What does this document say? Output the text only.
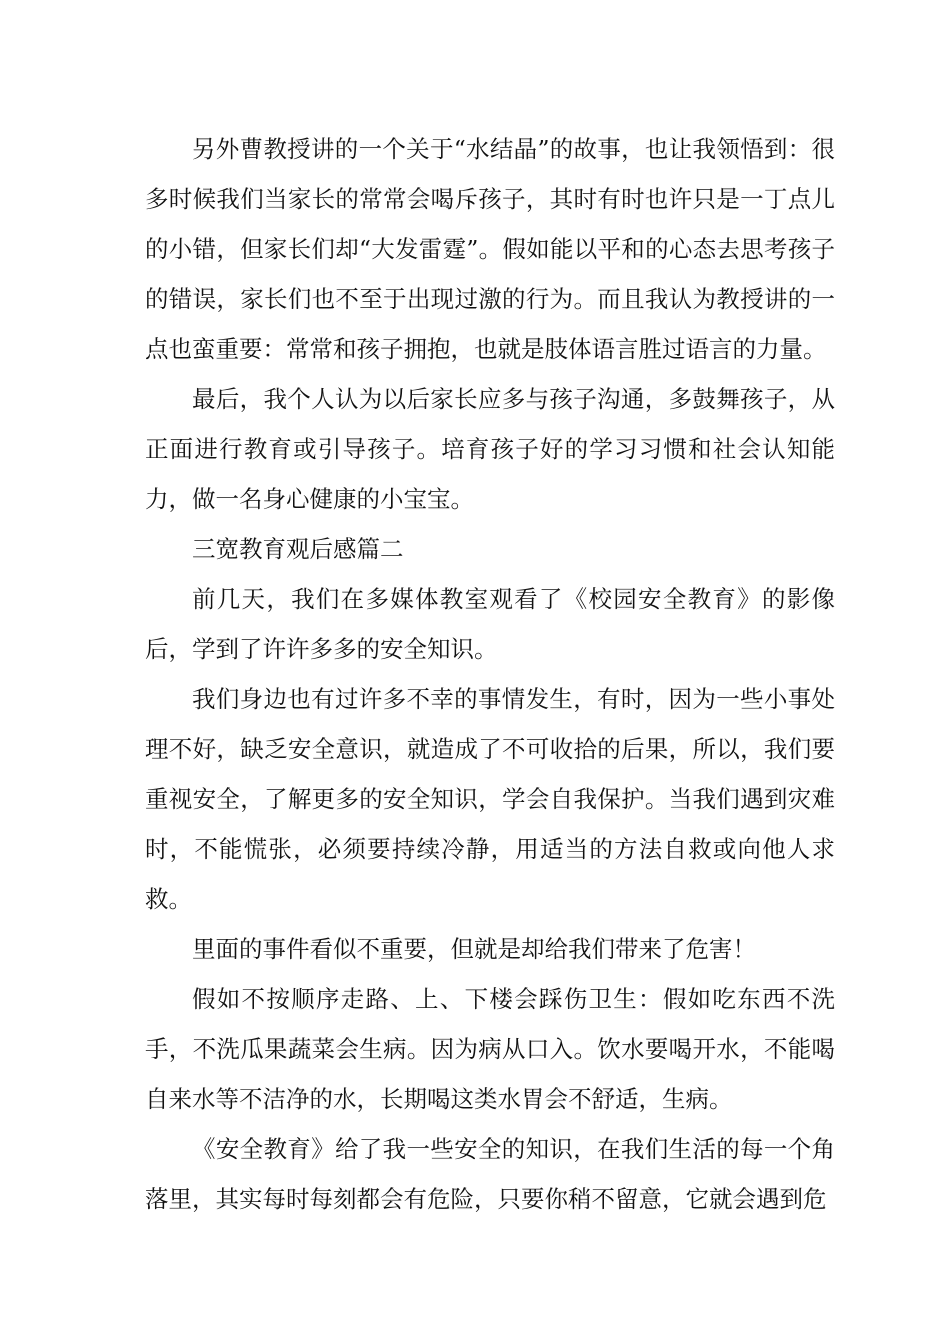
另外曹教授讲的一个关于“水结晶”的故事，也让我领悟到：很多时候我们当家长的常常会喝斥孩子，其时有时也许只是一丁点儿的小错，但家长们却“大发雷霆”。假如能以平和的心态去思考孩子的错误，家长们也不至于出现过激的行为。而且我认为教授讲的一点也蛮重要：常常和孩子拥抱，也就是肢体语言胜过语言的力量。

最后，我个人认为以后家长应多与孩子沟通，多鼓舞孩子，从正面进行教育或引导孩子。培育孩子好的学习习惯和社会认知能力，做一名身心健康的小宝宝。

三宽教育观后感篇二

前几天，我们在多媒体教室观看了《校园安全教育》的影像后，学到了许许多多的安全知识。

我们身边也有过许多不幸的事情发生，有时，因为一些小事处理不好，缺乏安全意识，就造成了不可收拾的后果，所以，我们要重视安全，了解更多的安全知识，学会自我保护。当我们遇到灾难时，不能慌张，必须要持续冷静，用适当的方法自救或向他人求救。

里面的事件看似不重要，但就是却给我们带来了危害！

假如不按顺序走路、上、下楼会踩伤卫生：假如吃东西不洗手，不洗瓜果蔬菜会生病。因为病从口入。饮水要喝开水，不能喝自来水等不洁净的水，长期喝这类水胃会不舒适，生病。

《安全教育》给了我一些安全的知识，在我们生活的每一个角落里，其实每时每刻都会有危险，只要你稍不留意，它就会遇到危
